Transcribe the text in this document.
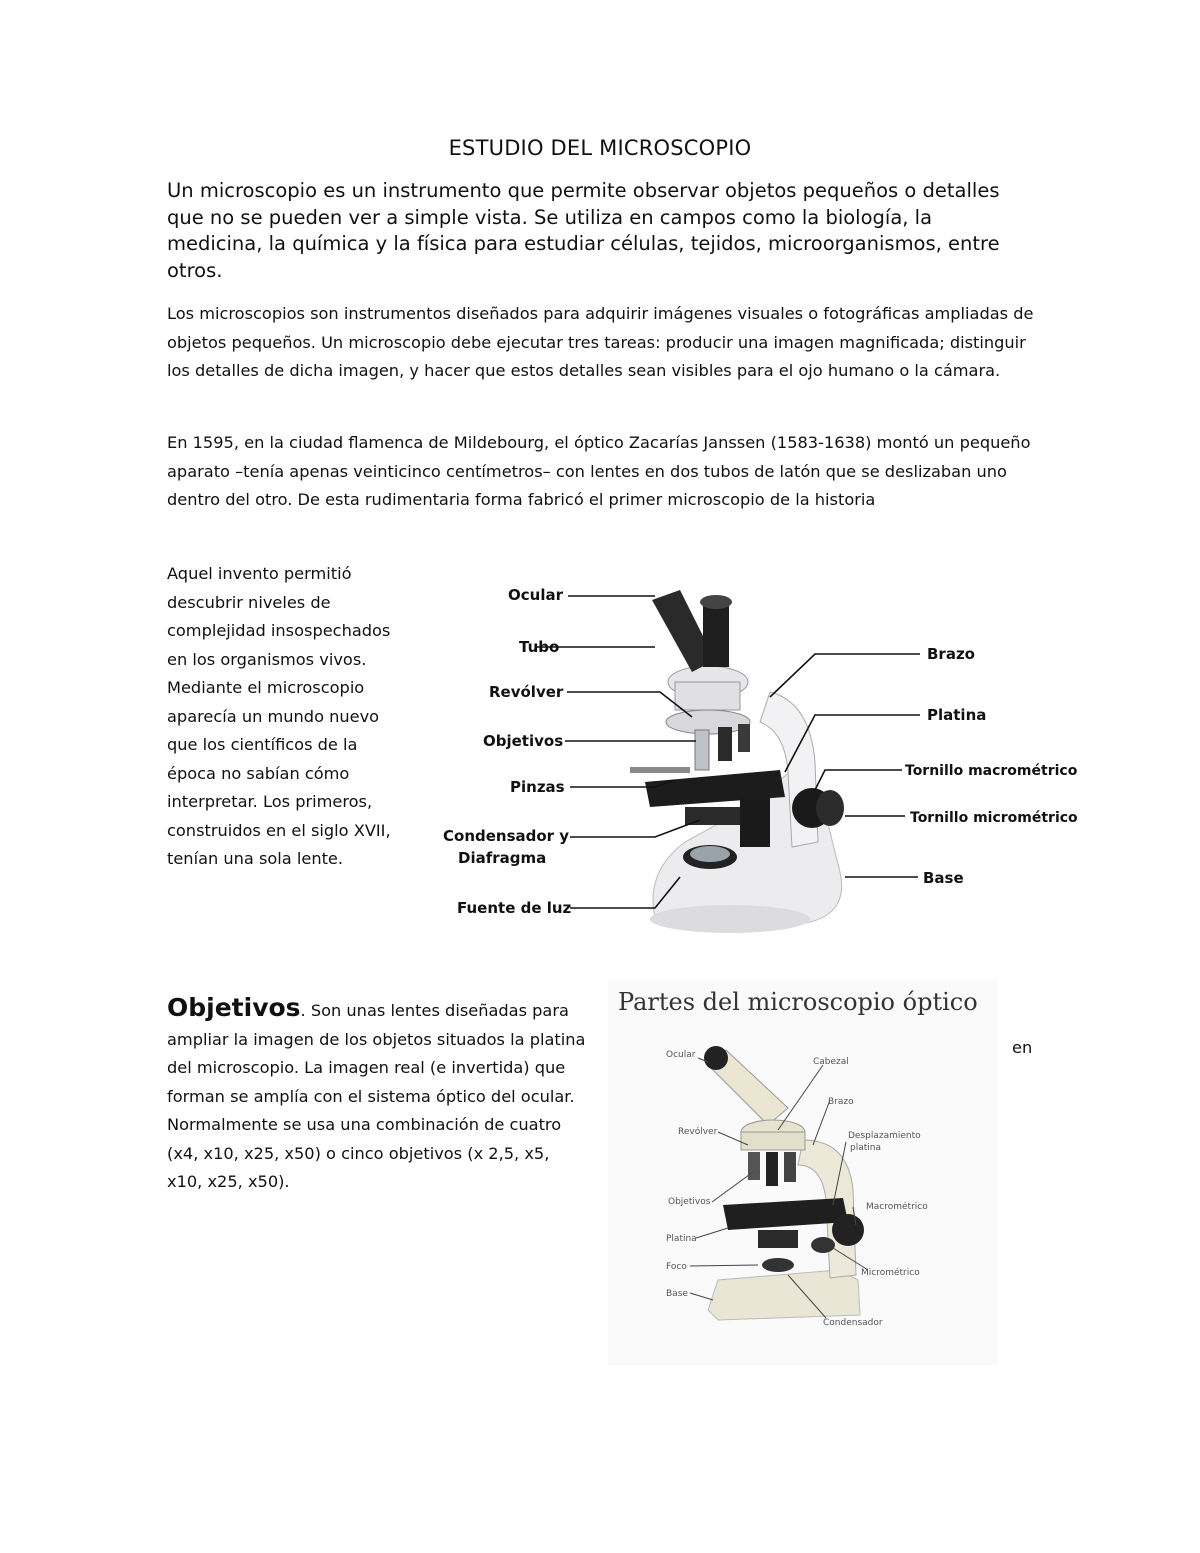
ESTUDIO DEL MICROSCOPIO
Un microscopio es un instrumento que permite observar objetos pequeños o detalles que no se pueden ver a simple vista. Se utiliza en campos como la biología, la medicina, la química y la física para estudiar células, tejidos, microorganismos, entre otros.
Los microscopios son instrumentos diseñados para adquirir imágenes visuales o fotográficas ampliadas de objetos pequeños. Un microscopio debe ejecutar tres tareas: producir una imagen magnificada; distinguir los detalles de dicha imagen, y hacer que estos detalles sean visibles para el ojo humano o la cámara.
En 1595, en la ciudad flamenca de Mildebourg, el óptico Zacarías Janssen (1583-1638) montó un pequeño aparato –tenía apenas veinticinco centímetros– con lentes en dos tubos de latón que se deslizaban uno dentro del otro. De esta rudimentaria forma fabricó el primer microscopio de la historia
Aquel invento permitió descubrir niveles de complejidad insospechados en los organismos vivos. Mediante el microscopio aparecía un mundo nuevo que los científicos de la época no sabían cómo interpretar. Los primeros, construidos en el siglo XVII, tenían una sola lente.
Ocular
Tubo
Revólver
Objetivos
Pinzas
Condensador y
Diafragma
Fuente de luz
Brazo
Platina
Tornillo macrométrico
Tornillo micrométrico
Base
Objetivos. Son unas lentes diseñadas para ampliar la imagen de los objetos situados la platina del microscopio. La imagen real (e invertida) que forman se amplía con el sistema óptico del ocular. Normalmente se usa una combinación de cuatro (x4, x10, x25, x50) o cinco objetivos (x 2,5, x5, x10, x25, x50).
en
Partes del microscopio óptico
Ocular
Cabezal
Brazo
Revólver	Desplazamiento
platina
Objetivos	Macrométrico
Platina
Foco
Micrométrico
Base
Condensador
